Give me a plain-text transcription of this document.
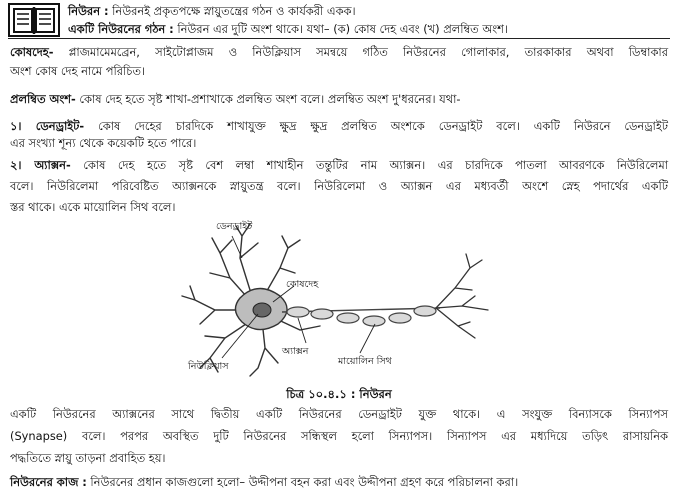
নিউরন : নিউরনই প্রকৃতপক্ষে স্নায়ুতন্ত্রের গঠন ও কার্যকরী একক।
একটি নিউরনের গঠন : নিউরন এর দুটি অংশ থাকে। যথা– (ক) কোষ দেহ এবং (খ) প্রলম্বিত অংশ।
কোষদেহ- প্লাজমামেমব্রেন, সাইটোপ্লাজম ও নিউক্লিয়াস সমন্বয়ে গঠিত নিউরনের গোলাকার, তারকাকার অথবা ডিম্বাকার
অংশ কোষ দেহ নামে পরিচিত।
প্রলম্বিত অংশ- কোষ দেহ হতে সৃষ্ট শাখা-প্রশাখাকে প্রলম্বিত অংশ বলে। প্রলম্বিত অংশ দু'ধরনের। যথা-
১। ডেনড্রাইট- কোষ দেহের চারদিকে শাখাযুক্ত ক্ষুদ্র ক্ষুদ্র প্রলম্বিত অংশকে ডেনড্রাইট বলে। একটি নিউরনে ডেনড্রাইট
এর সংখ্যা শূন্য থেকে কয়েকটি হতে পারে।
২। অ্যাক্সন- কোষ দেহ হতে সৃষ্ট বেশ লম্বা শাখাহীন তন্তুটির নাম অ্যাক্সন। এর চারদিকে পাতলা আবরণকে নিউরিলেমা
বলে। নিউরিলেমা পরিবেষ্টিত অ্যাক্সনকে স্নায়ুতন্ত্র বলে। নিউরিলেমা ও অ্যাক্সন এর মধ্যবর্তী অংশে স্নেহ পদার্থের একটি
স্তর থাকে। একে মায়োলিন সিথ বলে।
ডেনড্রাইট
কোষদেহ
অ্যাক্সন
নিউক্লিয়াস	মায়োলিন সিথ
চিত্র ১০.৪.১ : নিউরন
একটি নিউরনের অ্যাক্সনের সাথে দ্বিতীয় একটি নিউরনের ডেনড্রাইট যুক্ত থাকে। এ সংযুক্ত বিন্যাসকে সিন্যাপস
(Synapse) বলে। পরপর অবস্থিত দুটি নিউরনের সন্ধিস্থল হলো সিন্যাপস। সিন্যাপস এর মধ্যদিয়ে তড়িৎ রাসায়নিক
পদ্ধতিতে স্নায়ু তাড়না প্রবাহিত হয়।
নিউরনের কাজ : নিউরনের প্রধান কাজগুলো হলো– উদ্দীপনা বহন করা এবং উদ্দীপনা গ্রহণ করে পরিচালনা করা।
